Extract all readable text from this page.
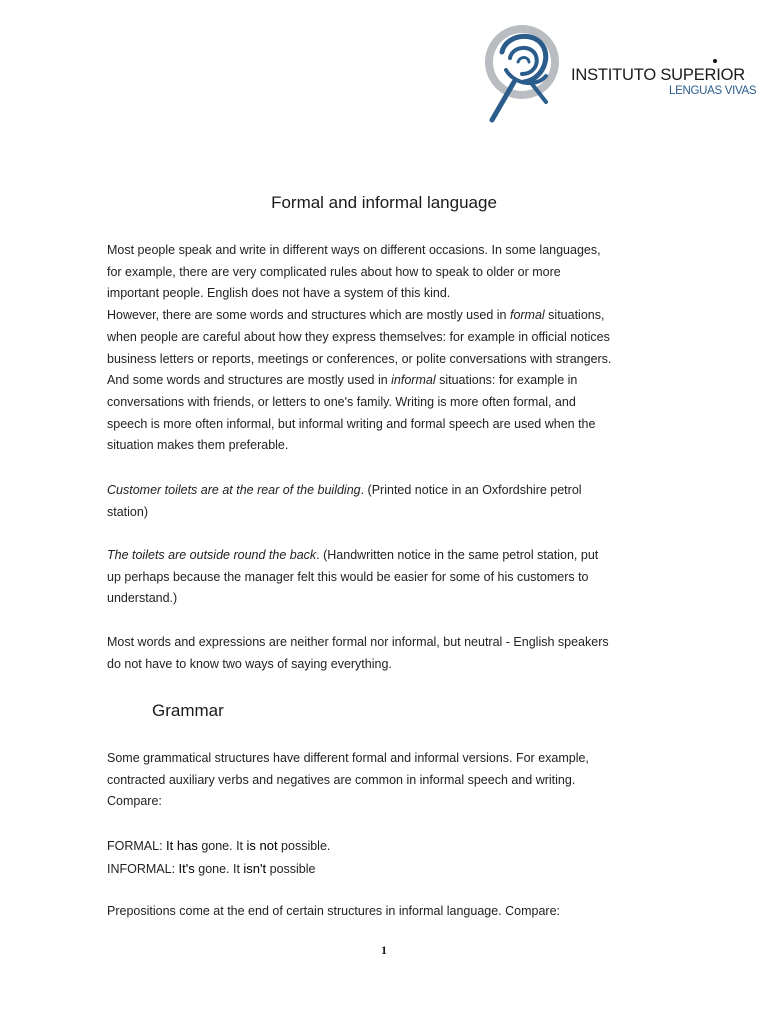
INSTITUTO SUPERIOR
LENGUAS VIVAS
Formal and informal language

Most people speak and write in different ways on different occasions. In some languages,
for example, there are very complicated rules about how to speak to older or more
important people. English does not have a system of this kind.
However, there are some words and structures which are mostly used in formal situations,
when people are careful about how they express themselves: for example in official notices
business letters or reports, meetings or conferences, or polite conversations with strangers.
And some words and structures are mostly used in informal situations: for example in
conversations with friends, or letters to one's family. Writing is more often formal, and
speech is more often informal, but informal writing and formal speech are used when the
situation makes them preferable.

Customer toilets are at the rear of the building. (Printed notice in an Oxfordshire petrol
station)

The toilets are outside round the back. (Handwritten notice in the same petrol station, put
up perhaps because the manager felt this would be easier for some of his customers to
understand.)

Most words and expressions are neither formal nor informal, but neutral - English speakers
do not have to know two ways of saying everything.

Grammar

Some grammatical structures have different formal and informal versions. For example,
contracted auxiliary verbs and negatives are common in informal speech and writing.
Compare:

FORMAL: It has gone. It is not possible.
INFORMAL: It's gone. It isn't possible

Prepositions come at the end of certain structures in informal language. Compare:

1
